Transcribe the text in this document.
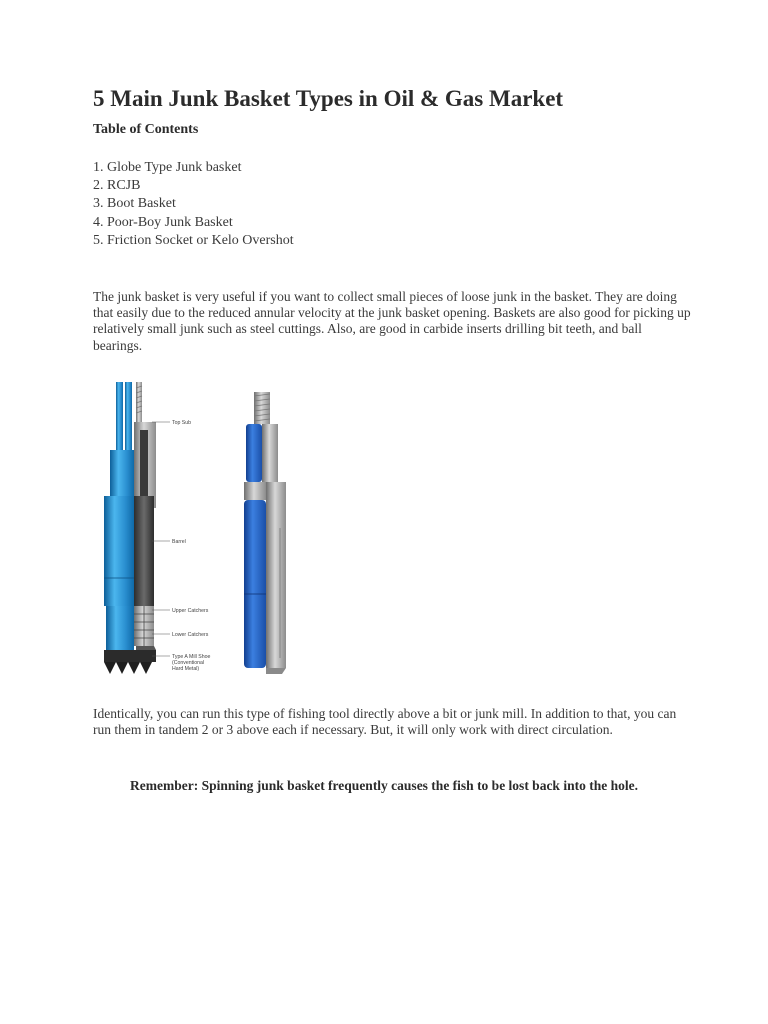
5 Main Junk Basket Types in Oil & Gas Market
Table of Contents
1. Globe Type Junk basket
2. RCJB
3. Boot Basket
4. Poor-Boy Junk Basket
5. Friction Socket or Kelo Overshot

The junk basket is very useful if you want to collect small pieces of loose junk in the basket. They are doing that easily due to the reduced annular velocity at the junk basket opening. Baskets are also good for picking up relatively small junk such as steel cuttings. Also, are good in carbide inserts drilling bit teeth, and ball bearings.

Top Sub
Barrel
Upper Catchers
Lower Catchers
Type A Mill Shoe
(Conventional
Hard Metal)

Identically, you can run this type of fishing tool directly above a bit or junk mill. In addition to that, you can run them in tandem 2 or 3 above each if necessary. But, it will only work with direct circulation.

Remember: Spinning junk basket frequently causes the fish to be lost back into the hole.
